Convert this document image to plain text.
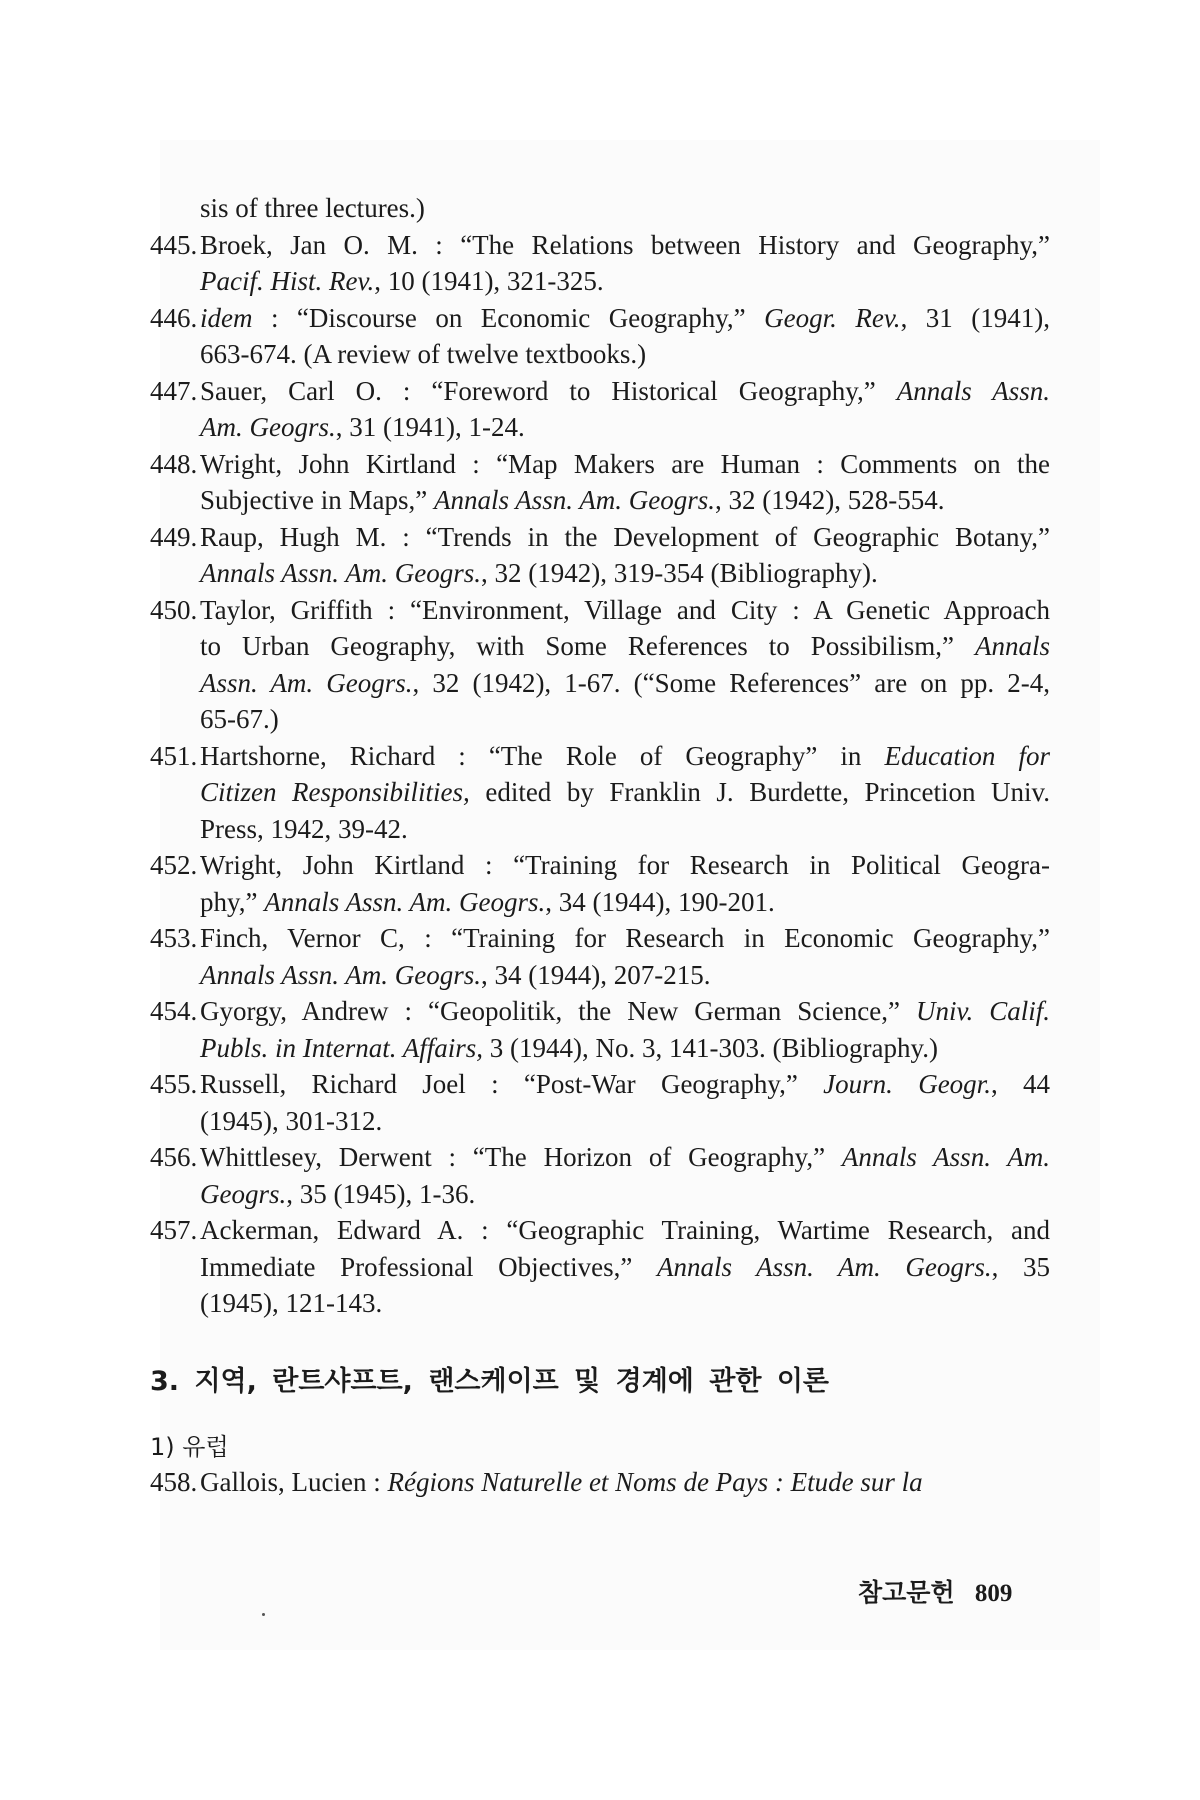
sis of three lectures.)
445. Broek, Jan O. M. : “The Relations between History and Geography,”
Pacif. Hist. Rev., 10 (1941), 321-325.
446. idem : “Discourse on Economic Geography,” Geogr. Rev., 31 (1941),
663-674. (A review of twelve textbooks.)
447. Sauer, Carl O. : “Foreword to Historical Geography,” Annals Assn.
Am. Geogrs., 31 (1941), 1-24.
448. Wright, John Kirtland : “Map Makers are Human : Comments on the
Subjective in Maps,” Annals Assn. Am. Geogrs., 32 (1942), 528-554.
449. Raup, Hugh M. : “Trends in the Development of Geographic Botany,”
Annals Assn. Am. Geogrs., 32 (1942), 319-354 (Bibliography).
450. Taylor, Griffith : “Environment, Village and City : A Genetic Approach
to Urban Geography, with Some References to Possibilism,” Annals
Assn. Am. Geogrs., 32 (1942), 1-67. (“Some References” are on pp. 2-4,
65-67.)
451. Hartshorne, Richard : “The Role of Geography” in Education for
Citizen Responsibilities, edited by Franklin J. Burdette, Princetion Univ.
Press, 1942, 39-42.
452. Wright, John Kirtland : “Training for Research in Political Geogra-
phy,” Annals Assn. Am. Geogrs., 34 (1944), 190-201.
453. Finch, Vernor C, : “Training for Research in Economic Geography,”
Annals Assn. Am. Geogrs., 34 (1944), 207-215.
454. Gyorgy, Andrew : “Geopolitik, the New German Science,” Univ. Calif.
Publs. in Internat. Affairs, 3 (1944), No. 3, 141-303. (Bibliography.)
455. Russell, Richard Joel : “Post-War Geography,” Journ. Geogr., 44
(1945), 301-312.
456. Whittlesey, Derwent : “The Horizon of Geography,” Annals Assn. Am.
Geogrs., 35 (1945), 1-36.
457. Ackerman, Edward A. : “Geographic Training, Wartime Research, and
Immediate Professional Objectives,” Annals Assn. Am. Geogrs., 35
(1945), 121-143.
3. 지역, 란트샤프트, 랜스케이프 및 경계에 관한 이론
1) 유럽
458. Gallois, Lucien : Régions Naturelle et Noms de Pays : Etude sur la
참고문헌 809
